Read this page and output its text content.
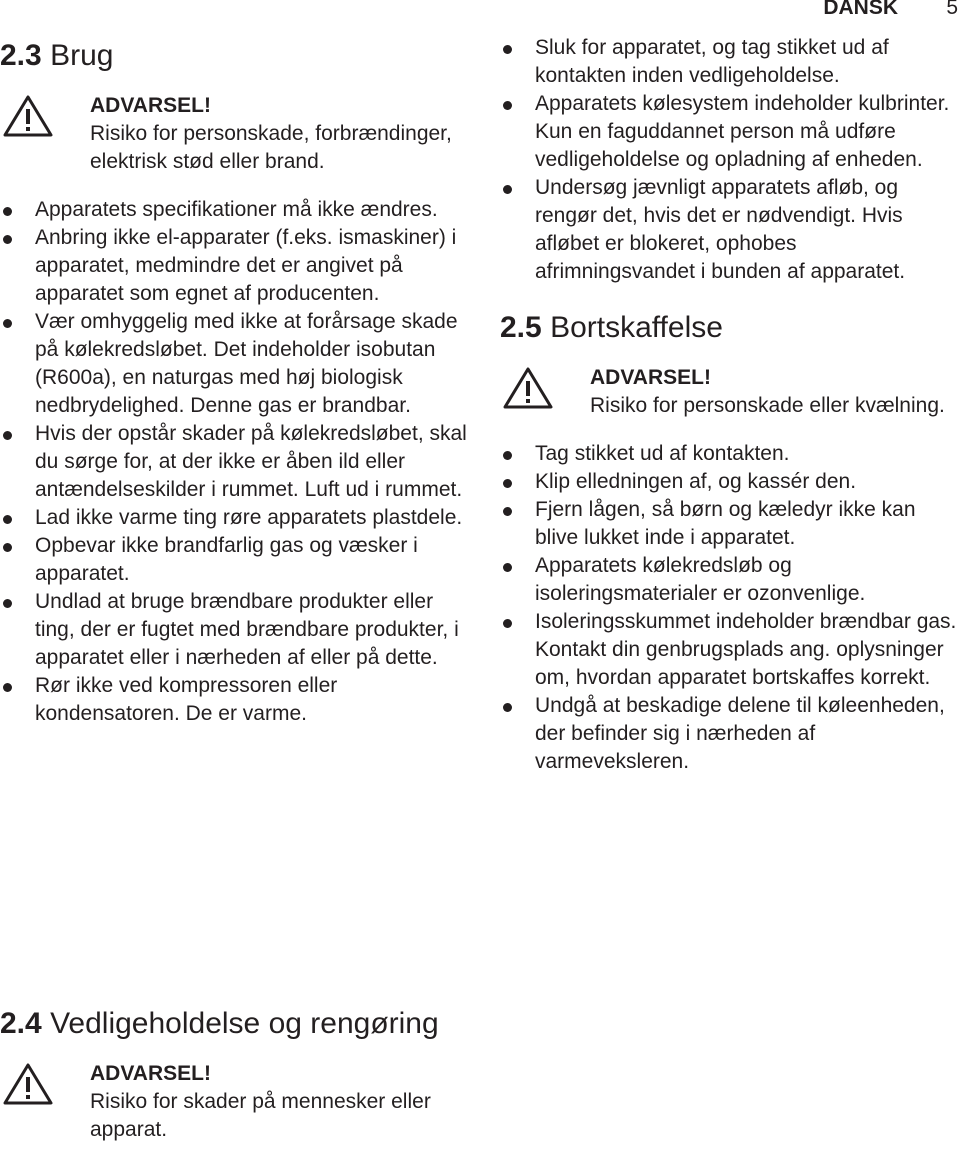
DANSK 5
2.3 Brug
ADVARSEL!
Risiko for personskade, forbrændinger, elektrisk stød eller brand.
Apparatets specifikationer må ikke ændres.
Anbring ikke el-apparater (f.eks. ismaskiner) i apparatet, medmindre det er angivet på apparatet som egnet af producenten.
Vær omhyggelig med ikke at forårsage skade på kølekredsløbet. Det indeholder isobutan (R600a), en naturgas med høj biologisk nedbrydelighed. Denne gas er brandbar.
Hvis der opstår skader på kølekredsløbet, skal du sørge for, at der ikke er åben ild eller antændelseskilder i rummet. Luft ud i rummet.
Lad ikke varme ting røre apparatets plastdele.
Opbevar ikke brandfarlig gas og væsker i apparatet.
Undlad at bruge brændbare produkter eller ting, der er fugtet med brændbare produkter, i apparatet eller i nærheden af eller på dette.
Rør ikke ved kompressoren eller kondensatoren. De er varme.
2.4 Vedligeholdelse og rengøring
ADVARSEL!
Risiko for skader på mennesker eller apparat.
Sluk for apparatet, og tag stikket ud af kontakten inden vedligeholdelse.
Apparatets kølesystem indeholder kulbrinter. Kun en faguddannet person må udføre vedligeholdelse og opladning af enheden.
Undersøg jævnligt apparatets afløb, og rengør det, hvis det er nødvendigt. Hvis afløbet er blokeret, ophobes afrimningsvandet i bunden af apparatet.
2.5 Bortskaffelse
ADVARSEL!
Risiko for personskade eller kvælning.
Tag stikket ud af kontakten.
Klip elledningen af, og kassér den.
Fjern lågen, så børn og kæledyr ikke kan blive lukket inde i apparatet.
Apparatets kølekredsløb og isoleringsmaterialer er ozonvenlige.
Isoleringsskummet indeholder brændbar gas. Kontakt din genbrugsplads ang. oplysninger om, hvordan apparatet bortskaffes korrekt.
Undgå at beskadige delene til køleenheden, der befinder sig i nærheden af varmeveksleren.
